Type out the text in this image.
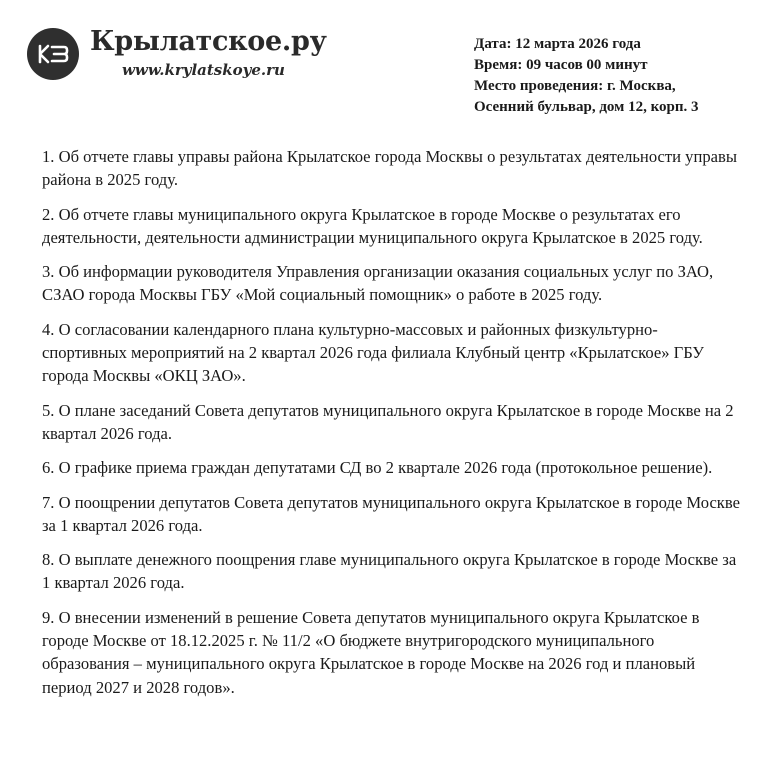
Крылатское.ру
www.krylatskoye.ru
Дата: 12 марта 2026 года
Время: 09 часов 00 минут
Место проведения: г. Москва,
Осенний бульвар, дом 12, корп. 3

1. Об отчете главы управы района Крылатское города Москвы о результатах деятельности управы района в 2025 году.

2. Об отчете главы муниципального округа Крылатское в городе Москве о результатах его деятельности, деятельности администрации муниципального округа Крылатское в 2025 году.

3. Об информации руководителя Управления организации оказания социальных услуг по ЗАО, СЗАО города Москвы ГБУ «Мой социальный помощник» о работе в 2025 году.

4. О согласовании календарного плана культурно-массовых и районных физкультурно-спортивных мероприятий на 2 квартал 2026 года филиала Клубный центр «Крылатское» ГБУ города Москвы «ОКЦ ЗАО».

5. О плане заседаний Совета депутатов муниципального округа Крылатское в городе Москве на 2 квартал 2026 года.

6. О графике приема граждан депутатами СД во 2 квартале 2026 года (протокольное решение).

7. О поощрении депутатов Совета депутатов муниципального округа Крылатское в городе Москве за 1 квартал 2026 года.

8. О выплате денежного поощрения главе муниципального округа Крылатское в городе Москве за 1 квартал 2026 года.

9. О внесении изменений в решение Совета депутатов муниципального округа Крылатское в городе Москве от 18.12.2025 г. № 11/2 «О бюджете внутригородского муниципального образования – муниципального округа Крылатское в городе Москве на 2026 год и плановый период 2027 и 2028 годов».
